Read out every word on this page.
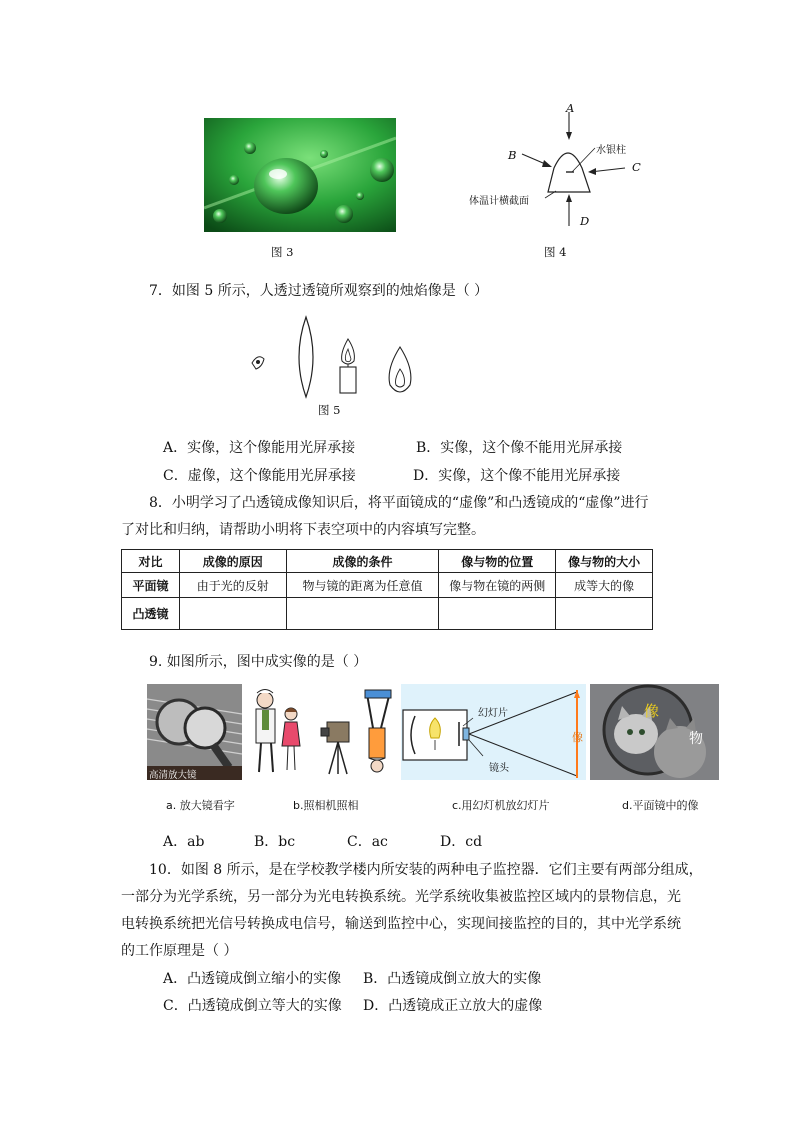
图 3
A
B
C
D
水银柱
体温计横截面
图 4
7．如图 5 所示，人透过透镜所观察到的烛焰像是（ ）
图 5
A．实像，这个像能用光屏承接	B．实像，这个像不能用光屏承接
C．虚像，这个像能用光屏承接	D．实像，这个像不能用光屏承接
8．小明学习了凸透镜成像知识后，将平面镜成的“虚像”和凸透镜成的“虚像”进行
了对比和归纳，请帮助小明将下表空项中的内容填写完整。
对比	成像的原因	成像的条件	像与物的位置	像与物的大小
平面镜	由于光的反射	物与镜的距离为任意值	像与物在镜的两侧	成等大的像
凸透镜				
9. 如图所示，图中成实像的是（ ）
高清放大镜
幻灯片
镜头
像
像
物
a. 放大镜看字	b.照相机照相	c.用幻灯机放幻灯片	d.平面镜中的像
A．ab	B．bc	C．ac	D．cd
10．如图 8 所示，是在学校教学楼内所安装的两种电子监控器．它们主要有两部分组成，
一部分为光学系统，另一部分为光电转换系统。光学系统收集被监控区域内的景物信息，光
电转换系统把光信号转换成电信号，输送到监控中心，实现间接监控的目的，其中光学系统
的工作原理是（ ）
A．凸透镜成倒立缩小的实像 B．凸透镜成倒立放大的实像
C．凸透镜成倒立等大的实像 D．凸透镜成正立放大的虚像
